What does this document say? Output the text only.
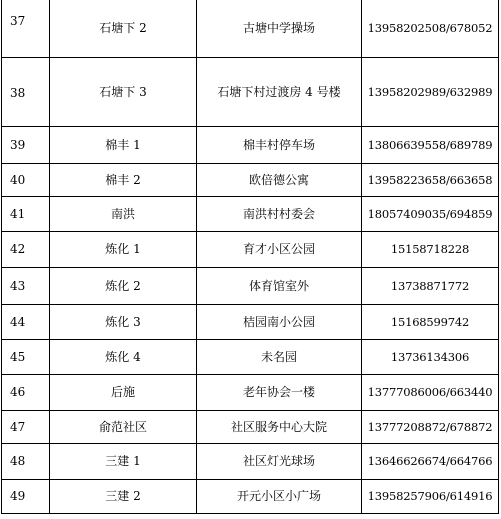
37	石塘下 2	古塘中学操场	13958202508/678052
38	石塘下 3	石塘下村过渡房 4 号楼	13958202989/632989
39	棉丰 1	棉丰村停车场	13806639558/689789
40	棉丰 2	欧倍德公寓	13958223658/663658
41	南洪	南洪村村委会	18057409035/694859
42	炼化 1	育才小区公园	15158718228
43	炼化 2	体育馆室外	13738871772
44	炼化 3	桔园南小公园	15168599742
45	炼化 4	未名园	13736134306
46	后施	老年协会一楼	13777086006/663440
47	俞范社区	社区服务中心大院	13777208872/678872
48	三建 1	社区灯光球场	13646626674/664766
49	三建 2	开元小区小广场	13958257906/614916
